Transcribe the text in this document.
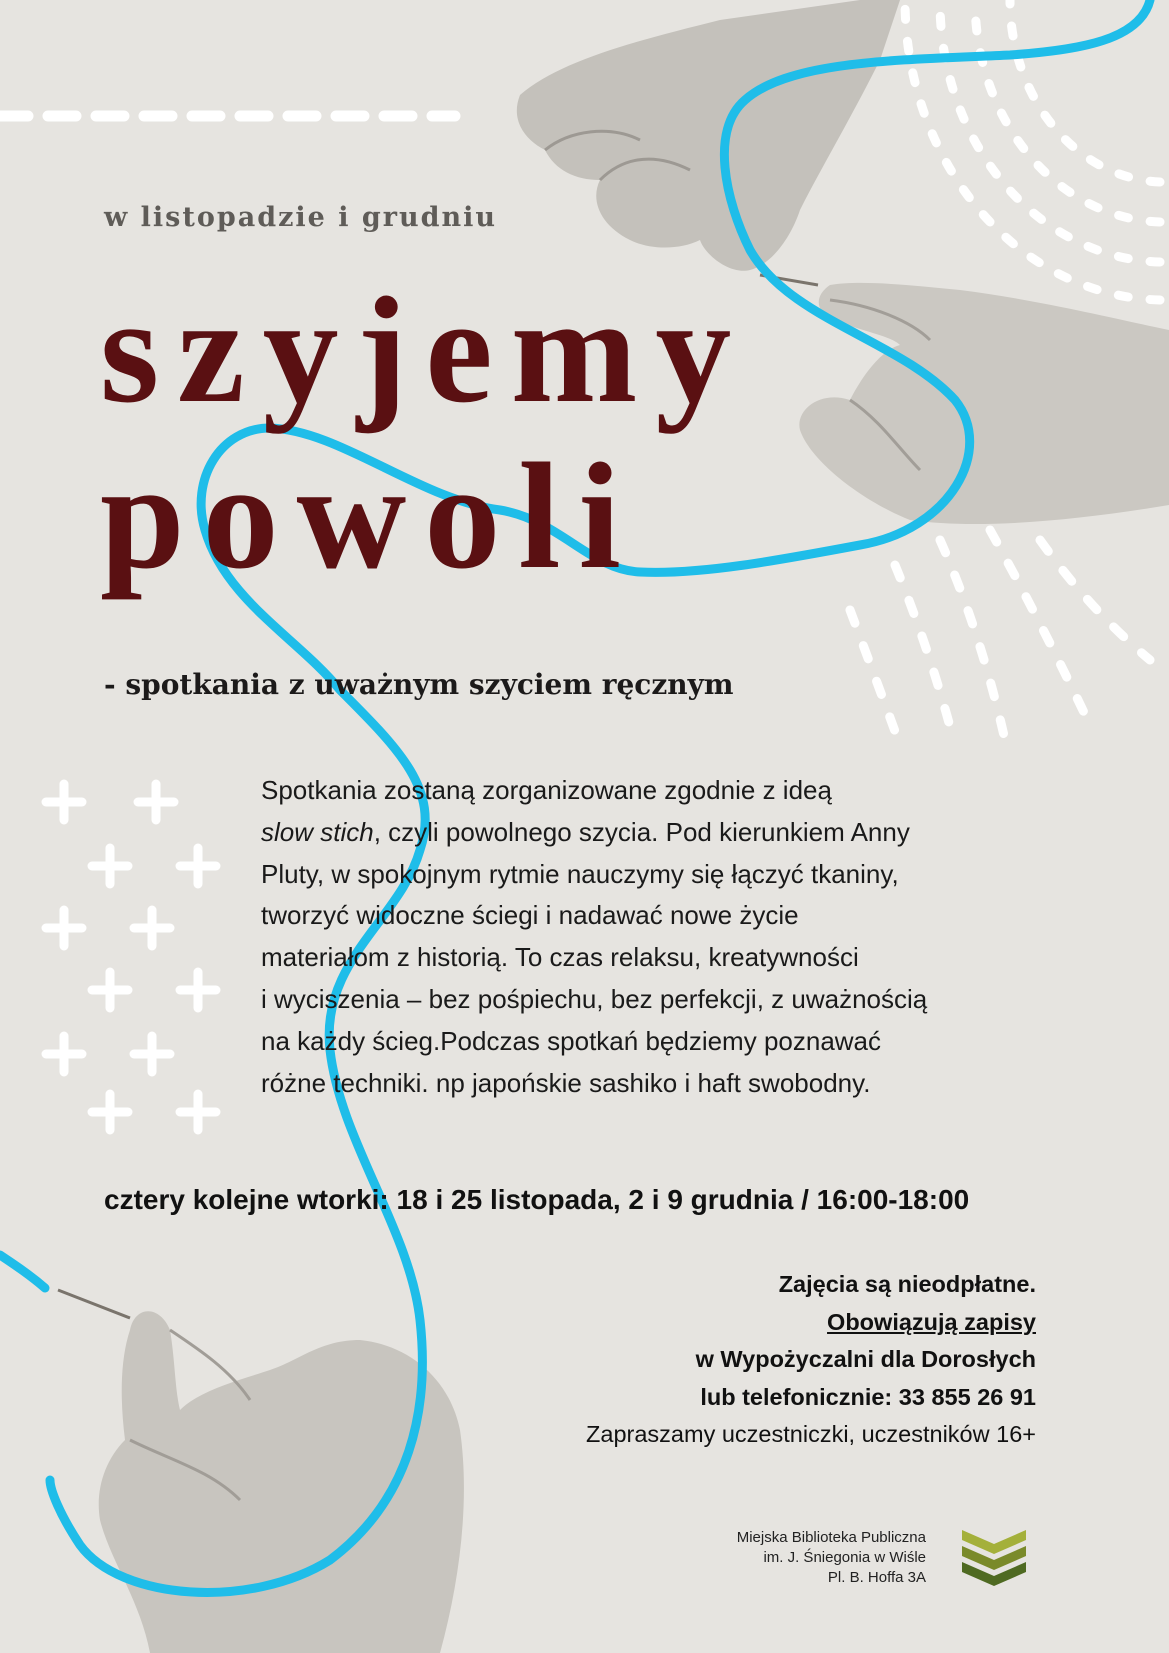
w listopadzie i grudniu
szyjemy
powoli
- spotkania z uważnym szyciem ręcznym
Spotkania zostaną zorganizowane zgodnie z ideą
slow stich, czyli powolnego szycia. Pod kierunkiem Anny
Pluty, w spokojnym rytmie nauczymy się łączyć tkaniny,
tworzyć widoczne ściegi i nadawać nowe życie
materiałom z historią. To czas relaksu, kreatywności
i wyciszenia – bez pośpiechu, bez perfekcji, z uważnością
na każdy ścieg.Podczas spotkań będziemy poznawać
różne techniki. np japońskie sashiko i haft swobodny.
cztery kolejne wtorki: 18 i 25 listopada, 2 i 9 grudnia / 16:00-18:00
Zajęcia są nieodpłatne.
Obowiązują zapisy
w Wypożyczalni dla Dorosłych
lub telefonicznie: 33 855 26 91
Zapraszamy uczestniczki, uczestników 16+
Miejska Biblioteka Publiczna
im. J. Śniegonia w Wiśle
Pl. B. Hoffa 3A
